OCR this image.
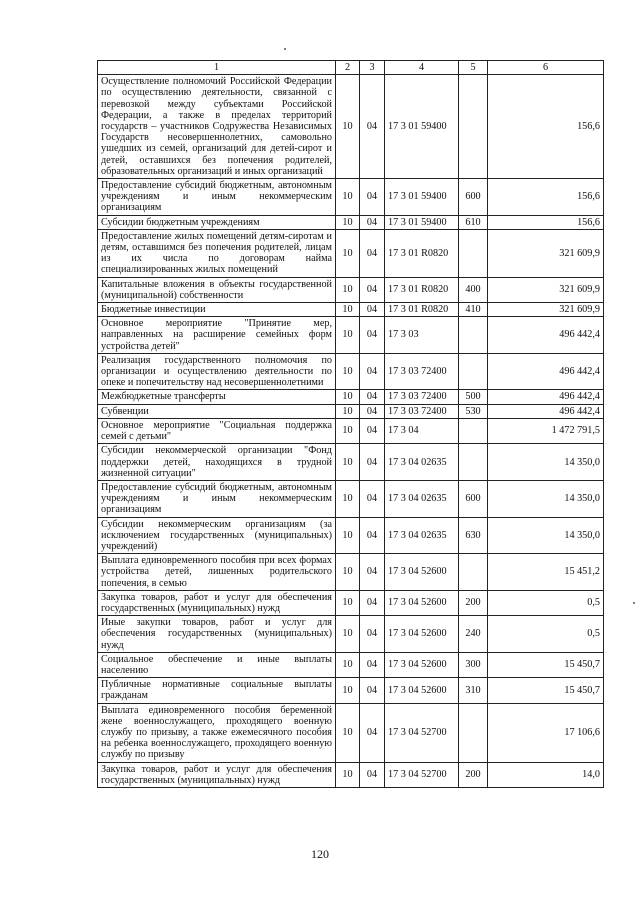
1	2	3	4	5	6
Осуществление полномочий Российской Федерации по осуществлению деятельности, связанной с перевозкой между субъектами Российской Федерации, а также в пределах территорий государств – участников Содружества Независимых Государств несовершеннолетних, самовольно ушедших из семей, организаций для детей-сирот и детей, оставшихся без попечения родителей, образовательных организаций и иных организаций	10	04	17 3 01 59400		156,6
Предоставление субсидий бюджетным, автономным учреждениям и иным некоммерческим организациям	10	04	17 3 01 59400	600	156,6
Субсидии бюджетным учреждениям	10	04	17 3 01 59400	610	156,6
Предоставление жилых помещений детям-сиротам и детям, оставшимся без попечения родителей, лицам из их числа по договорам найма специализированных жилых помещений	10	04	17 3 01 R0820		321 609,9
Капитальные вложения в объекты государственной (муниципальной) собственности	10	04	17 3 01 R0820	400	321 609,9
Бюджетные инвестиции	10	04	17 3 01 R0820	410	321 609,9
Основное мероприятие "Принятие мер, направленных на расширение семейных форм устройства детей"	10	04	17 3 03		496 442,4
Реализация государственного полномочия по организации и осуществлению деятельности по опеке и попечительству над несовершеннолетними	10	04	17 3 03 72400		496 442,4
Межбюджетные трансферты	10	04	17 3 03 72400	500	496 442,4
Субвенции	10	04	17 3 03 72400	530	496 442,4
Основное мероприятие "Социальная поддержка семей с детьми"	10	04	17 3 04		1 472 791,5
Субсидии некоммерческой организации "Фонд поддержки детей, находящихся в трудной жизненной ситуации"	10	04	17 3 04 02635		14 350,0
Предоставление субсидий бюджетным, автономным учреждениям и иным некоммерческим организациям	10	04	17 3 04 02635	600	14 350,0
Субсидии некоммерческим организациям (за исключением государственных (муниципальных) учреждений)	10	04	17 3 04 02635	630	14 350,0
Выплата единовременного пособия при всех формах устройства детей, лишенных родительского попечения, в семью	10	04	17 3 04 52600		15 451,2
Закупка товаров, работ и услуг для обеспечения государственных (муниципальных) нужд	10	04	17 3 04 52600	200	0,5
Иные закупки товаров, работ и услуг для обеспечения государственных (муниципальных) нужд	10	04	17 3 04 52600	240	0,5
Социальное обеспечение и иные выплаты населению	10	04	17 3 04 52600	300	15 450,7
Публичные нормативные социальные выплаты гражданам	10	04	17 3 04 52600	310	15 450,7
Выплата единовременного пособия беременной жене военнослужащего, проходящего военную службу по призыву, а также ежемесячного пособия на ребенка военнослужащего, проходящего военную службу по призыву	10	04	17 3 04 52700		17 106,6
Закупка товаров, работ и услуг для обеспечения государственных (муниципальных) нужд	10	04	17 3 04 52700	200	14,0
120
